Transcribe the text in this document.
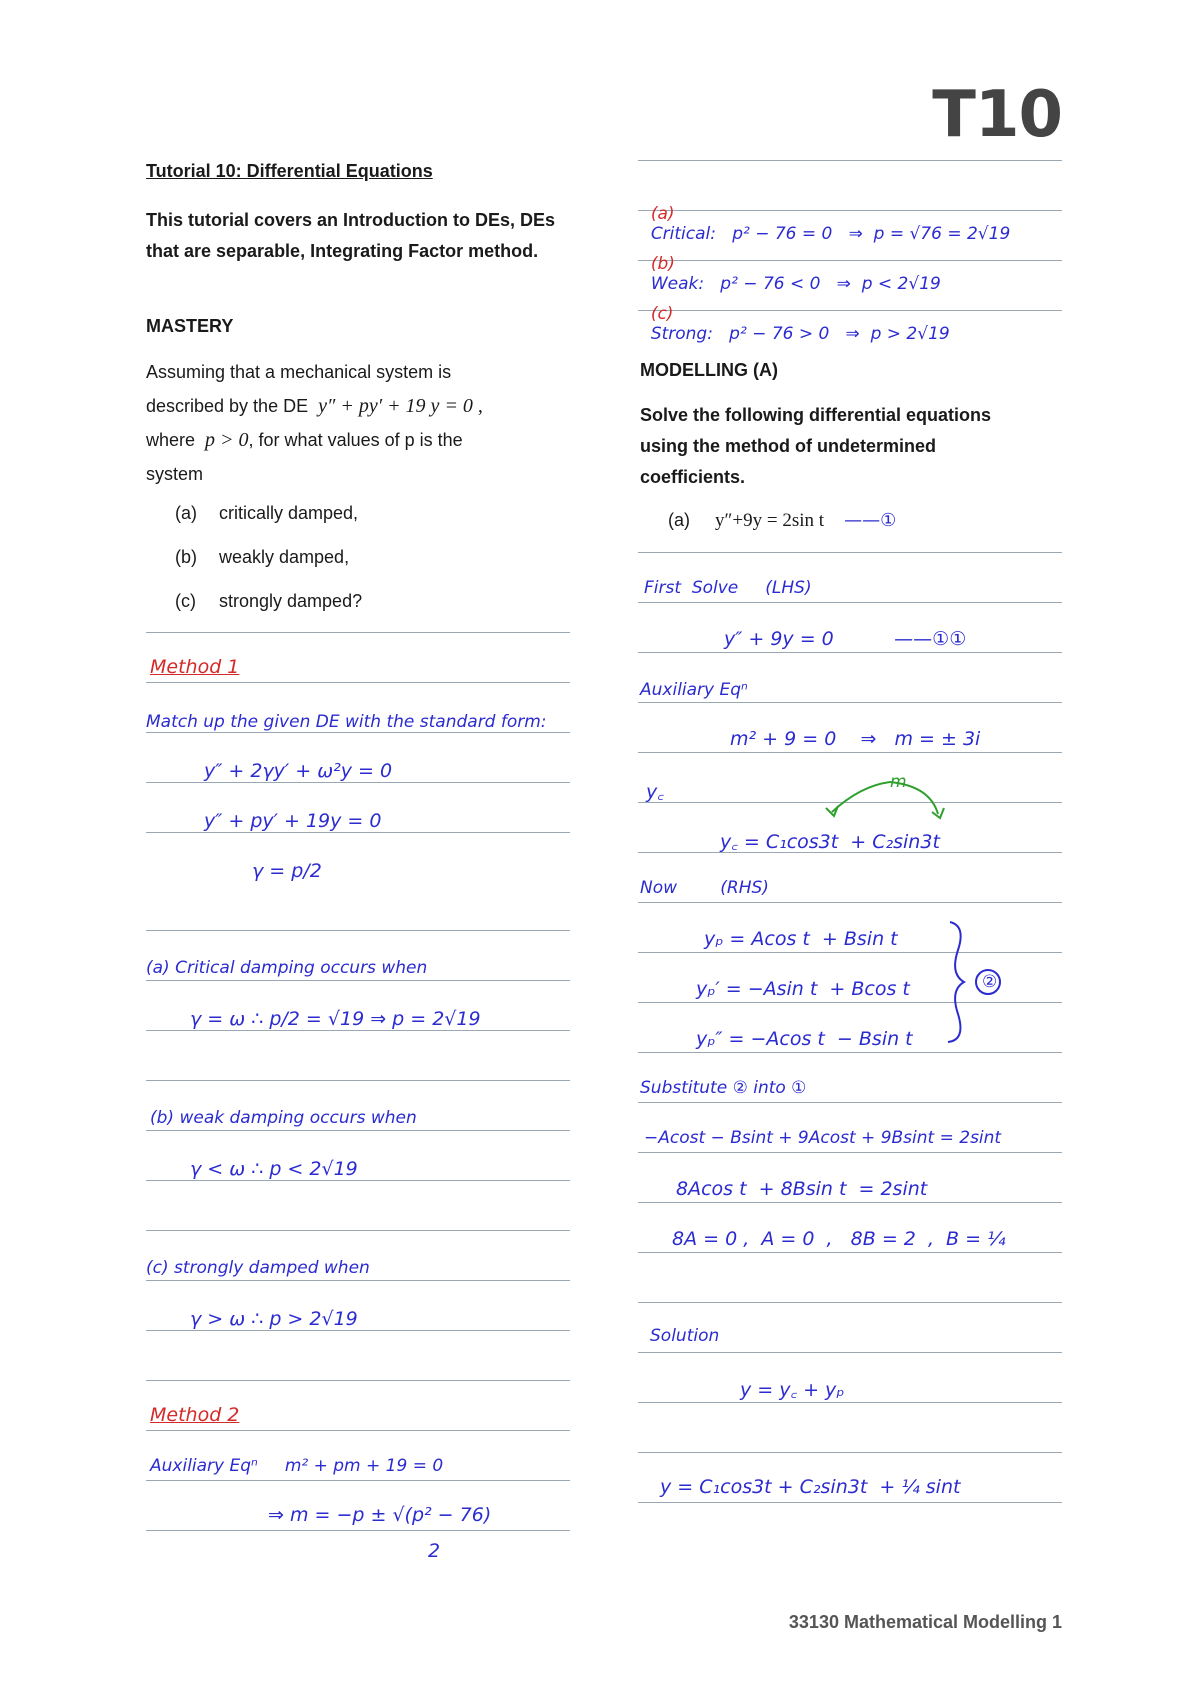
T10
Tutorial 10: Differential Equations
This tutorial covers an Introduction to DEs, DEs that are separable, Integrating Factor method.
MASTERY
Assuming that a mechanical system is
described by the DE y″ + py′ + 19 y = 0 ,
where p > 0, for what values of p is the
system
(a) critically damped,
(b) weakly damped,
(c) strongly damped?
Method 1
Match up the given DE with the standard form:
y″ + 2γy′ + ω²y = 0
y″ + py′ + 19y = 0
γ = p/2
(a) Critical damping occurs when
γ = ω ∴ p/2 = √19 ⇒ p = 2√19
(b) weak damping occurs when
γ < ω ∴ p < 2√19
(c) strongly damped when
γ > ω ∴ p > 2√19
Method 2
Auxiliary Eqⁿ     m² + pm + 19 = 0
⇒ m = −p ± √(p² − 76)
2

(a)
Critical:   p² − 76 = 0   ⇒  p = √76 = 2√19

(b)
Weak:   p² − 76 < 0   ⇒  p < 2√19

(c)
Strong:   p² − 76 > 0   ⇒  p > 2√19

MODELLING (A)
Solve the following differential equations using the method of undetermined coefficients.
(a) y″+9y = 2sin t ——①
First  Solve     (LHS)
y″ + 9y = 0          ——①①
Auxiliary Eqⁿ
m² + 9 = 0    ⇒   m = ± 3i
y꜀	m
y꜀ = C₁cos3t  + C₂sin3t
Now        (RHS)
yₚ = Acos t  + Bsin t
yₚ′ = −Asin t  + Bcos t
yₚ″ = −Acos t  − Bsin t
②
Substitute ② into ①
−Acost − Bsint + 9Acost + 9Bsint = 2sint
8Acos t  + 8Bsin t  = 2sint
8A = 0 ,  A = 0  ,   8B = 2  ,  B = ¼
Solution
y = y꜀ + yₚ
y = C₁cos3t + C₂sin3t  + ¼ sint
33130 Mathematical Modelling 1
